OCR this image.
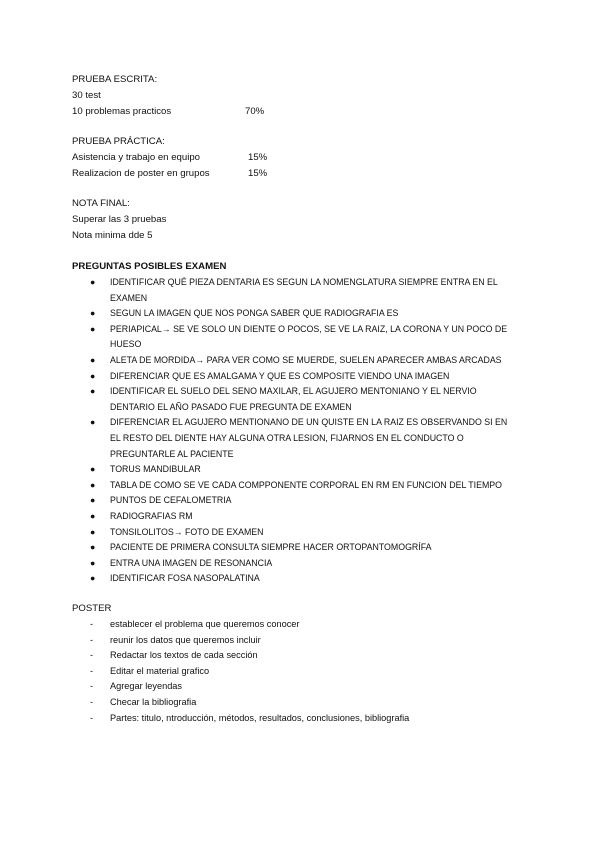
PRUEBA ESCRITA:
30 test
10 problemas practicos	70%
PRUEBA PRÁCTICA:
Asistencia y trabajo en equipo	15%
Realizacion de poster en grupos	15%
NOTA FINAL:
Superar las 3 pruebas
Nota minima dde 5
PREGUNTAS POSIBLES EXAMEN
● IDENTIFICAR QUÉ PIEZA DENTARIA ES SEGUN LA NOMENGLATURA SIEMPRE ENTRA EN EL EXAMEN
● SEGUN LA IMAGEN QUE NOS PONGA SABER QUE RADIOGRAFIA ES
● PERIAPICAL→ SE VE SOLO UN DIENTE O POCOS, SE VE LA RAIZ, LA CORONA Y UN POCO DE HUESO
● ALETA DE MORDIDA→ PARA VER COMO SE MUERDE, SUELEN APARECER AMBAS ARCADAS
● DIFERENCIAR QUE ES AMALGAMA Y QUE ES COMPOSITE VIENDO UNA IMAGEN
● IDENTIFICAR EL SUELO DEL SENO MAXILAR, EL AGUJERO MENTONIANO Y EL NERVIO DENTARIO EL AÑO PASADO FUE PREGUNTA DE EXAMEN
● DIFERENCIAR EL AGUJERO MENTIONANO DE UN QUISTE EN LA RAIZ ES OBSERVANDO SI EN EL RESTO DEL DIENTE HAY ALGUNA OTRA LESION, FIJARNOS EN EL CONDUCTO O PREGUNTARLE AL PACIENTE
● TORUS MANDIBULAR
● TABLA DE COMO SE VE CADA COMPPONENTE CORPORAL EN RM EN FUNCION DEL TIEMPO
● PUNTOS DE CEFALOMETRIA
● RADIOGRAFIAS RM
● TONSILOLITOS→ FOTO DE EXAMEN
● PACIENTE DE PRIMERA CONSULTA SIEMPRE HACER ORTOPANTOMOGRÍFA
● ENTRA UNA IMAGEN DE RESONANCIA
● IDENTIFICAR FOSA NASOPALATINA
POSTER
- establecer el problema que queremos conocer
- reunir los datos que queremos incluir
- Redactar los textos de cada sección
- Editar el material grafico
- Agregar leyendas
- Checar la bibliografia
- Partes: titulo, ntroducción, métodos, resultados, conclusiones, bibliografia
